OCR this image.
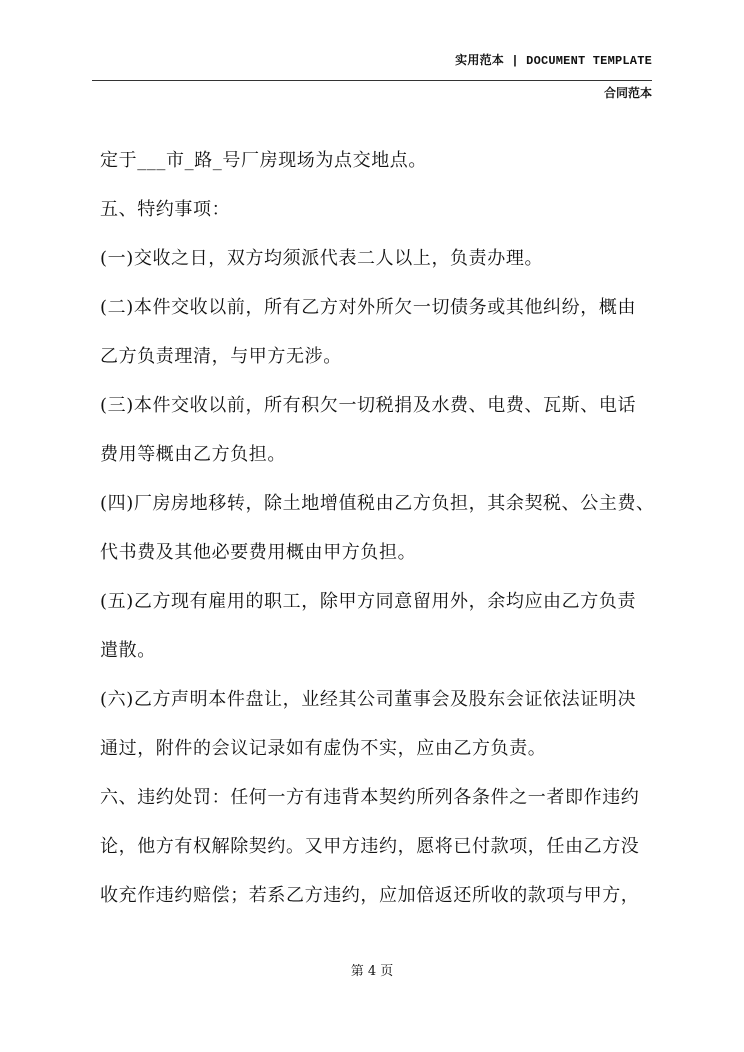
实用范本 | DOCUMENT TEMPLATE
合同范本
定于___市_路_号厂房现场为点交地点。
五、特约事项：
(一)交收之日，双方均须派代表二人以上，负责办理。
(二)本件交收以前，所有乙方对外所欠一切债务或其他纠纷，概由
乙方负责理清，与甲方无涉。
(三)本件交收以前，所有积欠一切税捐及水费、电费、瓦斯、电话
费用等概由乙方负担。
(四)厂房房地移转，除土地增值税由乙方负担，其余契税、公主费、
代书费及其他必要费用概由甲方负担。
(五)乙方现有雇用的职工，除甲方同意留用外，余均应由乙方负责
遣散。
(六)乙方声明本件盘让，业经其公司董事会及股东会证依法证明决
通过，附件的会议记录如有虚伪不实，应由乙方负责。
六、违约处罚：任何一方有违背本契约所列各条件之一者即作违约
论，他方有权解除契约。又甲方违约，愿将已付款项，任由乙方没
收充作违约赔偿；若系乙方违约，应加倍返还所收的款项与甲方，
第 4 页
